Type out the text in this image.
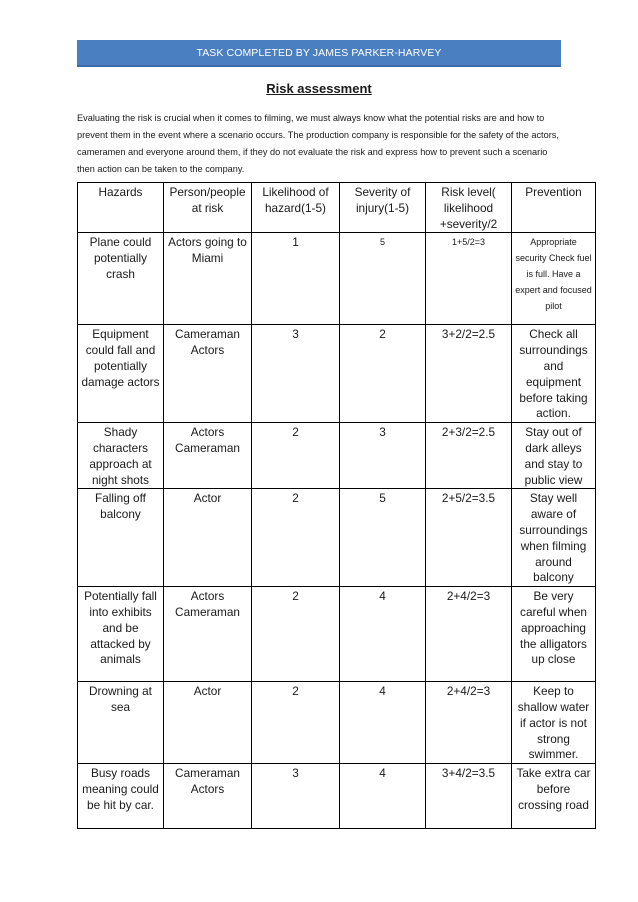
TASK COMPLETED BY JAMES PARKER-HARVEY
Risk assessment

Evaluating the risk is crucial when it comes to filming, we must always know what the potential risks are and how to prevent them in the event where a scenario occurs. The production company is responsible for the safety of the actors, cameramen and everyone around them, if they do not evaluate the risk and express how to prevent such a scenario then action can be taken to the company.

Hazards	Person/people at risk	Likelihood of hazard(1-5)	Severity of injury(1-5)	Risk level( likelihood +severity/2	Prevention
Plane could potentially crash	Actors going to Miami	1	5	1+5/2=3	Appropriate security Check fuel is full. Have a expert and focused pilot
Equipment could fall and potentially damage actors	Cameraman Actors	3	2	3+2/2=2.5	Check all surroundings and equipment before taking action.
Shady characters approach at night shots	Actors Cameraman	2	3	2+3/2=2.5	Stay out of dark alleys and stay to public view
Falling off balcony	Actor	2	5	2+5/2=3.5	Stay well aware of surroundings when filming around balcony
Potentially fall into exhibits and be attacked by animals	Actors Cameraman	2	4	2+4/2=3	Be very careful when approaching the alligators up close
Drowning at sea	Actor	2	4	2+4/2=3	Keep to shallow water if actor is not strong swimmer.
Busy roads meaning could be hit by car.	Cameraman Actors	3	4	3+4/2=3.5	Take extra car before crossing road
